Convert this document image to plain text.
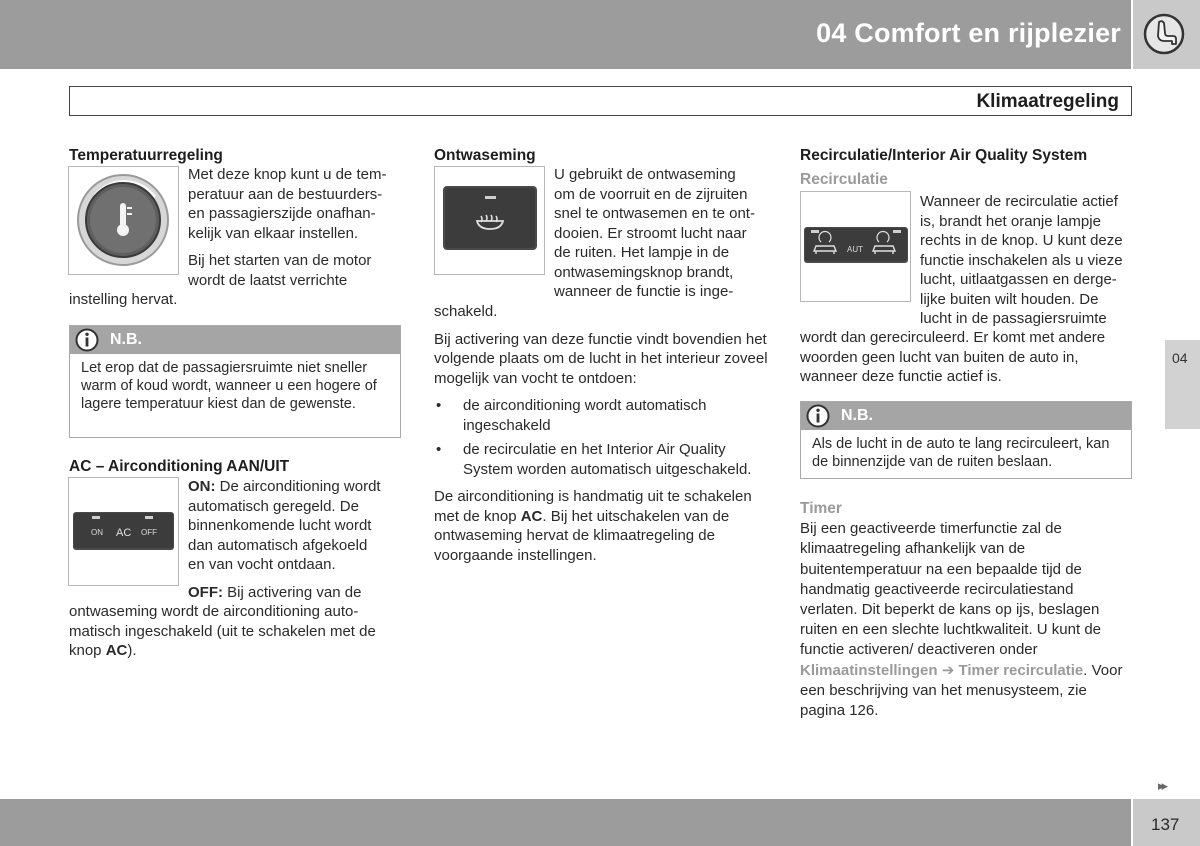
04 Comfort en rijplezier
Klimaatregeling
Temperatuurregeling

Met deze knop kunt u de tem-

peratuur aan de bestuurders-

en passagierszijde onafhan-

kelijk van elkaar instellen.

Bij het starten van de motor

wordt de laatst verrichte

instelling hervat.

N.B.
Let erop dat de passagiersruimte niet sneller warm of koud wordt, wanneer u een hogere of lagere temperatuur kiest dan de gewenste.
AC – Airconditioning AAN/UIT
ON AC OFF

ON: De airconditioning wordt

automatisch geregeld. De

binnenkomende lucht wordt

dan automatisch afgekoeld

en van vocht ontdaan.

OFF: Bij activering van de

ontwaseming wordt de airconditioning auto-

matisch ingeschakeld (uit te schakelen met de

knop AC).

Ontwaseming

U gebruikt de ontwaseming

om de voorruit en de zijruiten

snel te ontwasemen en te ont-

dooien. Er stroomt lucht naar

de ruiten. Het lampje in de

ontwasemingsknop brandt,

wanneer de functie is inge-

schakeld.

Bij activering van deze functie vindt bovendien het volgende plaats om de lucht in het interieur zoveel mogelijk van vocht te ontdoen:

• de airconditioning wordt automatisch ingeschakeld
• de recirculatie en het Interior Air Quality System worden automatisch uitgeschakeld.

De airconditioning is handmatig uit te schakelen met de knop AC. Bij het uitschakelen van de ontwaseming hervat de klimaatregeling de voorgaande instellingen.

Recirculatie/Interior Air Quality System
Recirculatie
AUT

Wanneer de recirculatie actief

is, brandt het oranje lampje

rechts in de knop. U kunt deze

functie inschakelen als u vieze

lucht, uitlaatgassen en derge-

lijke buiten wilt houden. De

lucht in de passagiersruimte

wordt dan gerecirculeerd. Er komt met andere woorden geen lucht van buiten de auto in, wanneer deze functie actief is.

N.B.
Als de lucht in de auto te lang recirculeert, kan de binnenzijde van de ruiten beslaan.
Timer

Bij een geactiveerde timerfunctie zal de klimaatregeling afhankelijk van de buitentemperatuur na een bepaalde tijd de handmatig geactiveerde recirculatiestand verlaten. Dit beperkt de kans op ijs, beslagen ruiten en een slechte luchtkwaliteit. U kunt de functie activeren/ deactiveren onder Klimaatinstellingen ➔ Timer recirculatie. Voor een beschrijving van het menusysteem, zie pagina 126.

04
▸▸
137
